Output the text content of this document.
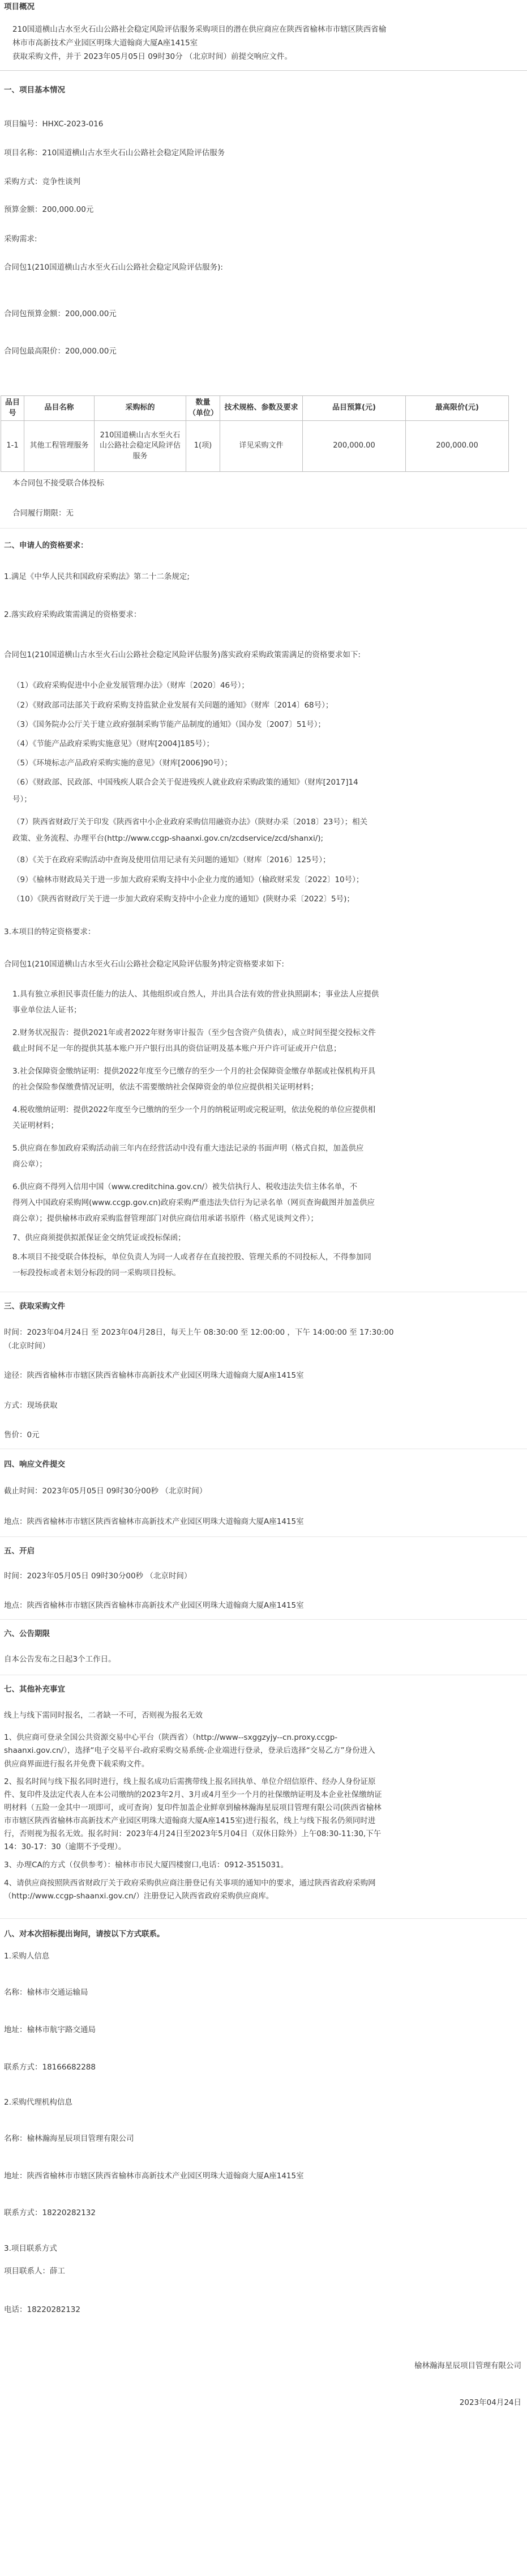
项目概况
210国道横山古水至火石山公路社会稳定风险评估服务采购项目的潜在供应商应在陕西省榆林市市辖区陕西省榆
林市市高新技术产业园区明珠大道翰商大厦A座1415室
获取采购文件，并于 2023年05月05日 09时30分 （北京时间）前提交响应文件。
一、项目基本情况
项目编号：HHXC-2023-016
项目名称：210国道横山古水至火石山公路社会稳定风险评估服务
采购方式：竞争性谈判
预算金额：200,000.00元
采购需求:
合同包1(210国道横山古水至火石山公路社会稳定风险评估服务):
合同包预算金额：200,000.00元
合同包最高限价：200,000.00元
品目号	品目名称	采购标的	数量（单位）	技术规格、参数及要求	品目预算(元)	最高限价(元)
1-1	其他工程管理服务	210国道横山古水至火石山公路社会稳定风险评估服务	1(项)	详见采购文件	200,000.00	200,000.00
本合同包不接受联合体投标
合同履行期限：无
二、申请人的资格要求：
1.满足《中华人民共和国政府采购法》第二十二条规定;
2.落实政府采购政策需满足的资格要求：
合同包1(210国道横山古水至火石山公路社会稳定风险评估服务)落实政府采购政策需满足的资格要求如下:
（1）《政府采购促进中小企业发展管理办法》（财库〔2020〕46号）；
（2）《财政部司法部关于政府采购支持监狱企业发展有关问题的通知》（财库〔2014〕68号）；
（3）《国务院办公厅关于建立政府强制采购节能产品制度的通知》（国办发〔2007〕51号）；
（4）《节能产品政府采购实施意见》（财库[2004]185号）；
（5）《环境标志产品政府采购实施的意见》（财库[2006]90号）；
（6）《财政部、民政部、中国残疾人联合会关于促进残疾人就业政府采购政策的通知》（财库[2017]14
号）；
（7）陕西省财政厅关于印发《陕西省中小企业政府采购信用融资办法》（陕财办采〔2018〕23号）；相关
政策、业务流程、办理平台(http://www.ccgp-shaanxi.gov.cn/zcdservice/zcd/shanxi/);
（8）《关于在政府采购活动中查询及使用信用记录有关问题的通知》（财库〔2016〕125号）；
（9）《榆林市财政局关于进一步加大政府采购支持中小企业力度的通知》（榆政财采发〔2022〕10号）；
（10）《陕西省财政厅关于进一步加大政府采购支持中小企业力度的通知》(陕财办采〔2022〕5号)；
3.本项目的特定资格要求：
合同包1(210国道横山古水至火石山公路社会稳定风险评估服务)特定资格要求如下:
1.具有独立承担民事责任能力的法人、其他组织或自然人，并出具合法有效的营业执照副本；事业法人应提供
事业单位法人证书；
2.财务状况报告：提供2021年或者2022年财务审计报告（至少包含资产负债表），成立时间至提交投标文件
截止时间不足一年的提供其基本账户开户银行出具的资信证明及基本账户开户许可证或开户信息；
3.社会保障资金缴纳证明：提供2022年度至今已缴存的至少一个月的社会保障资金缴存单据或社保机构开具
的社会保险参保缴费情况证明，依法不需要缴纳社会保障资金的单位应提供相关证明材料；
4.税收缴纳证明：提供2022年度至今已缴纳的至少一个月的纳税证明或完税证明，依法免税的单位应提供相
关证明材料；
5.供应商在参加政府采购活动前三年内在经营活动中没有重大违法记录的书面声明（格式自拟，加盖供应
商公章）；
6.供应商不得列入信用中国（www.creditchina.gov.cn/）被失信执行人、税收违法失信主体名单，不
得列入中国政府采购网(www.ccgp.gov.cn)政府采购严重违法失信行为记录名单（网页查询截图并加盖供应
商公章）；提供榆林市政府采购监督管理部门对供应商信用承诺书原件（格式见谈判文件）；
7、供应商须提供拟派保证金交纳凭证或投标保函；
8.本项目不接受联合体投标，单位负责人为同一人或者存在直接控股、管理关系的不同投标人，不得参加同
一标段投标或者未划分标段的同一采购项目投标。
三、获取采购文件
时间：2023年04月24日 至 2023年04月28日，每天上午 08:30:00 至 12:00:00 ，下午 14:00:00 至 17:30:00
（北京时间）
途径：陕西省榆林市市辖区陕西省榆林市高新技术产业园区明珠大道翰商大厦A座1415室
方式：现场获取
售价：0元
四、响应文件提交
截止时间：2023年05月05日 09时30分00秒 （北京时间）
地点：陕西省榆林市市辖区陕西省榆林市高新技术产业园区明珠大道翰商大厦A座1415室
五、开启
时间：2023年05月05日 09时30分00秒 （北京时间）
地点：陕西省榆林市市辖区陕西省榆林市高新技术产业园区明珠大道翰商大厦A座1415室
六、公告期限
自本公告发布之日起3个工作日。
七、其他补充事宜
线上与线下需同时报名，二者缺一不可，否则视为报名无效
1、供应商可登录全国公共资源交易中心平台（陕西省）（http://www--sxggzyjy--cn.proxy.ccgp-
shaanxi.gov.cn/），选择“电子交易平台-政府采购交易系统-企业端进行登录，登录后选择“交易乙方”身份进入
供应商界面进行报名并免费下载采购文件。
2、报名时间与线下报名同时进行，线上报名成功后需携带线上报名回执单、单位介绍信原件、经办人身份证原
件、复印件及法定代表人在本公司缴纳的2023年2月、3月或4月至少一个月的社保缴纳证明及本企业社保缴纳证
明材料（五险一金其中一项即可，或可查询）复印件加盖企业鲜章到榆林瀚海星辰项目管理有限公司(陕西省榆林
市市辖区陕西省榆林市高新技术产业园区明珠大道翰商大厦A座1415室)进行报名，线上与线下报名仍须同时进
行，否则视为报名无效。报名时间：2023年4月24日至2023年5月04日（双休日除外）上午08:30-11:30,下午
14：30-17：30（逾期不予受理）。
3、办理CA的方式（仅供参考）：榆林市市民大厦四楼窗口,电话：0912-3515031。
4、请供应商按照陕西省财政厅关于政府采购供应商注册登记有关事项的通知中的要求，通过陕西省政府采购网
（http://www.ccgp-shaanxi.gov.cn/）注册登记入陕西省政府采购供应商库。
八、对本次招标提出询问，请按以下方式联系。
1.采购人信息
名称：榆林市交通运输局
地址：榆林市航宇路交通局
联系方式：18166682288
2.采购代理机构信息
名称：榆林瀚海星辰项目管理有限公司
地址：陕西省榆林市市辖区陕西省榆林市高新技术产业园区明珠大道翰商大厦A座1415室
联系方式：18220282132
3.项目联系方式
项目联系人：薛工
电话：18220282132
榆林瀚海星辰项目管理有限公司
2023年04月24日
